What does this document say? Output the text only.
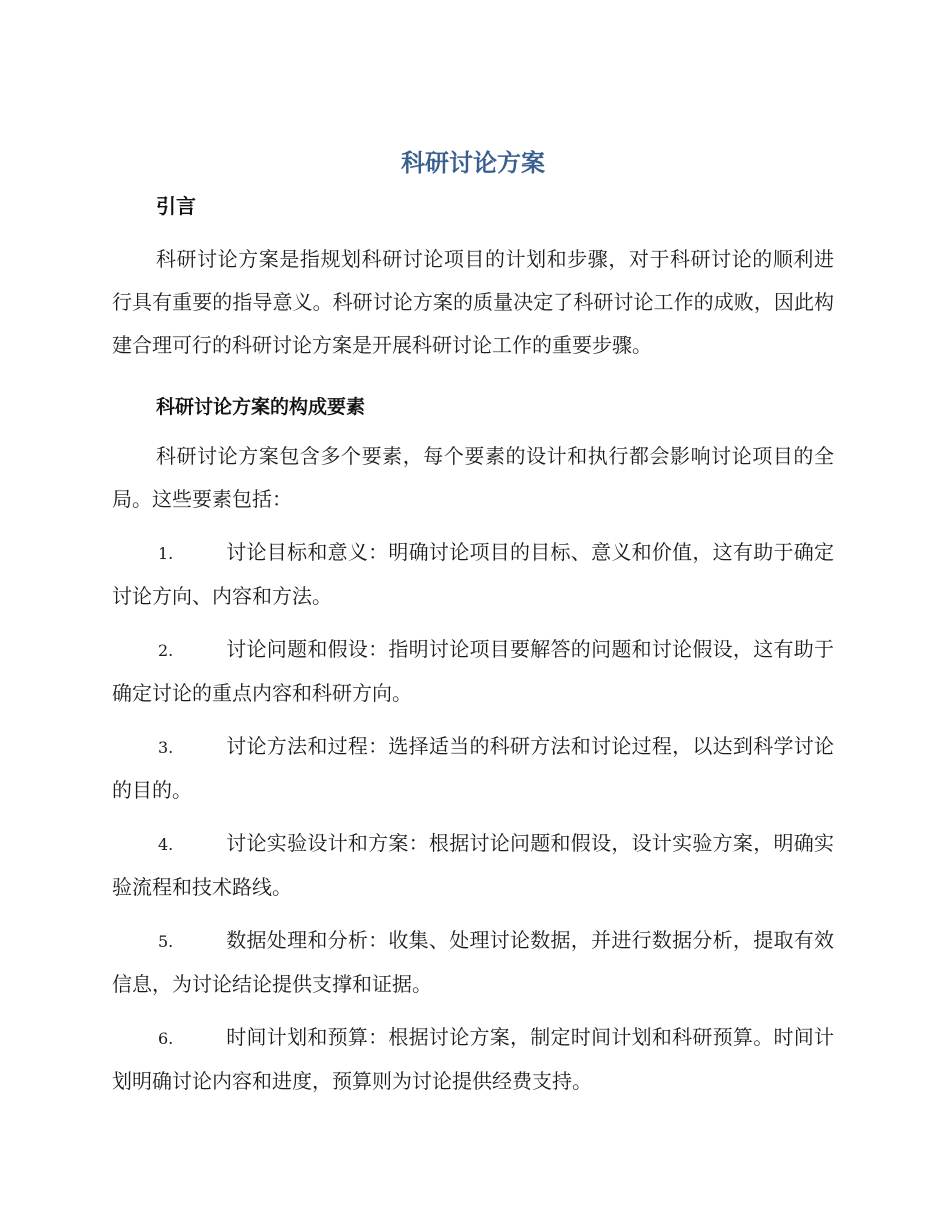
科研讨论方案
引言

科研讨论方案是指规划科研讨论项目的计划和步骤，对于科研讨论的顺利进行具有重要的指导意义。科研讨论方案的质量决定了科研讨论工作的成败，因此构建合理可行的科研讨论方案是开展科研讨论工作的重要步骤。

科研讨论方案的构成要素

科研讨论方案包含多个要素，每个要素的设计和执行都会影响讨论项目的全局。这些要素包括：

1.	讨论目标和意义：明确讨论项目的目标、意义和价值，这有助于确定讨论方向、内容和方法。
2.	讨论问题和假设：指明讨论项目要解答的问题和讨论假设，这有助于确定讨论的重点内容和科研方向。
3.	讨论方法和过程：选择适当的科研方法和讨论过程，以达到科学讨论的目的。
4.	讨论实验设计和方案：根据讨论问题和假设，设计实验方案，明确实验流程和技术路线。
5.	数据处理和分析：收集、处理讨论数据，并进行数据分析，提取有效信息，为讨论结论提供支撑和证据。
6.	时间计划和预算：根据讨论方案，制定时间计划和科研预算。时间计划明确讨论内容和进度，预算则为讨论提供经费支持。
